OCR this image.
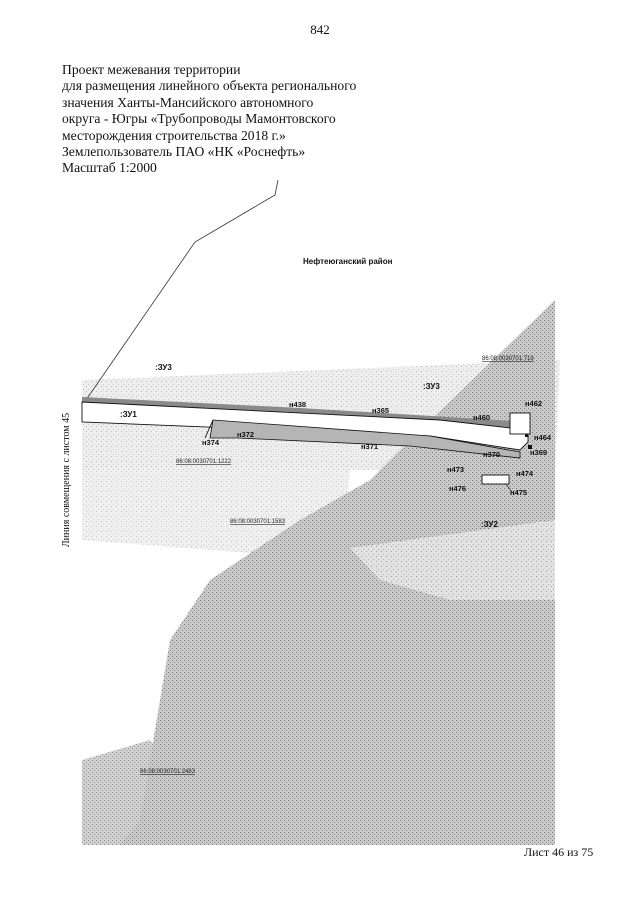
842
Проект межевания территории
для размещения линейного объекта регионального
значения Ханты-Мансийского автономного
округа - Югры «Трубопроводы Мамонтовского
месторождения строительства 2018 г.»
Землепользователь ПАО «НК «Роснефть»
Масштаб 1:2000
Нефтеюганский район
:ЗУ3
:ЗУ1
:ЗУ3
:ЗУ2
86:08:0030701:719
86:08:0030701:1222
86:08:0030701:1583
86:08:0030701:2483
н438
н365
н460
н462
н464
н369
н370
н371
н372
н374
н473	н474
н475
н476
Линия совмещения с листом 45
Лист 46 из 75
